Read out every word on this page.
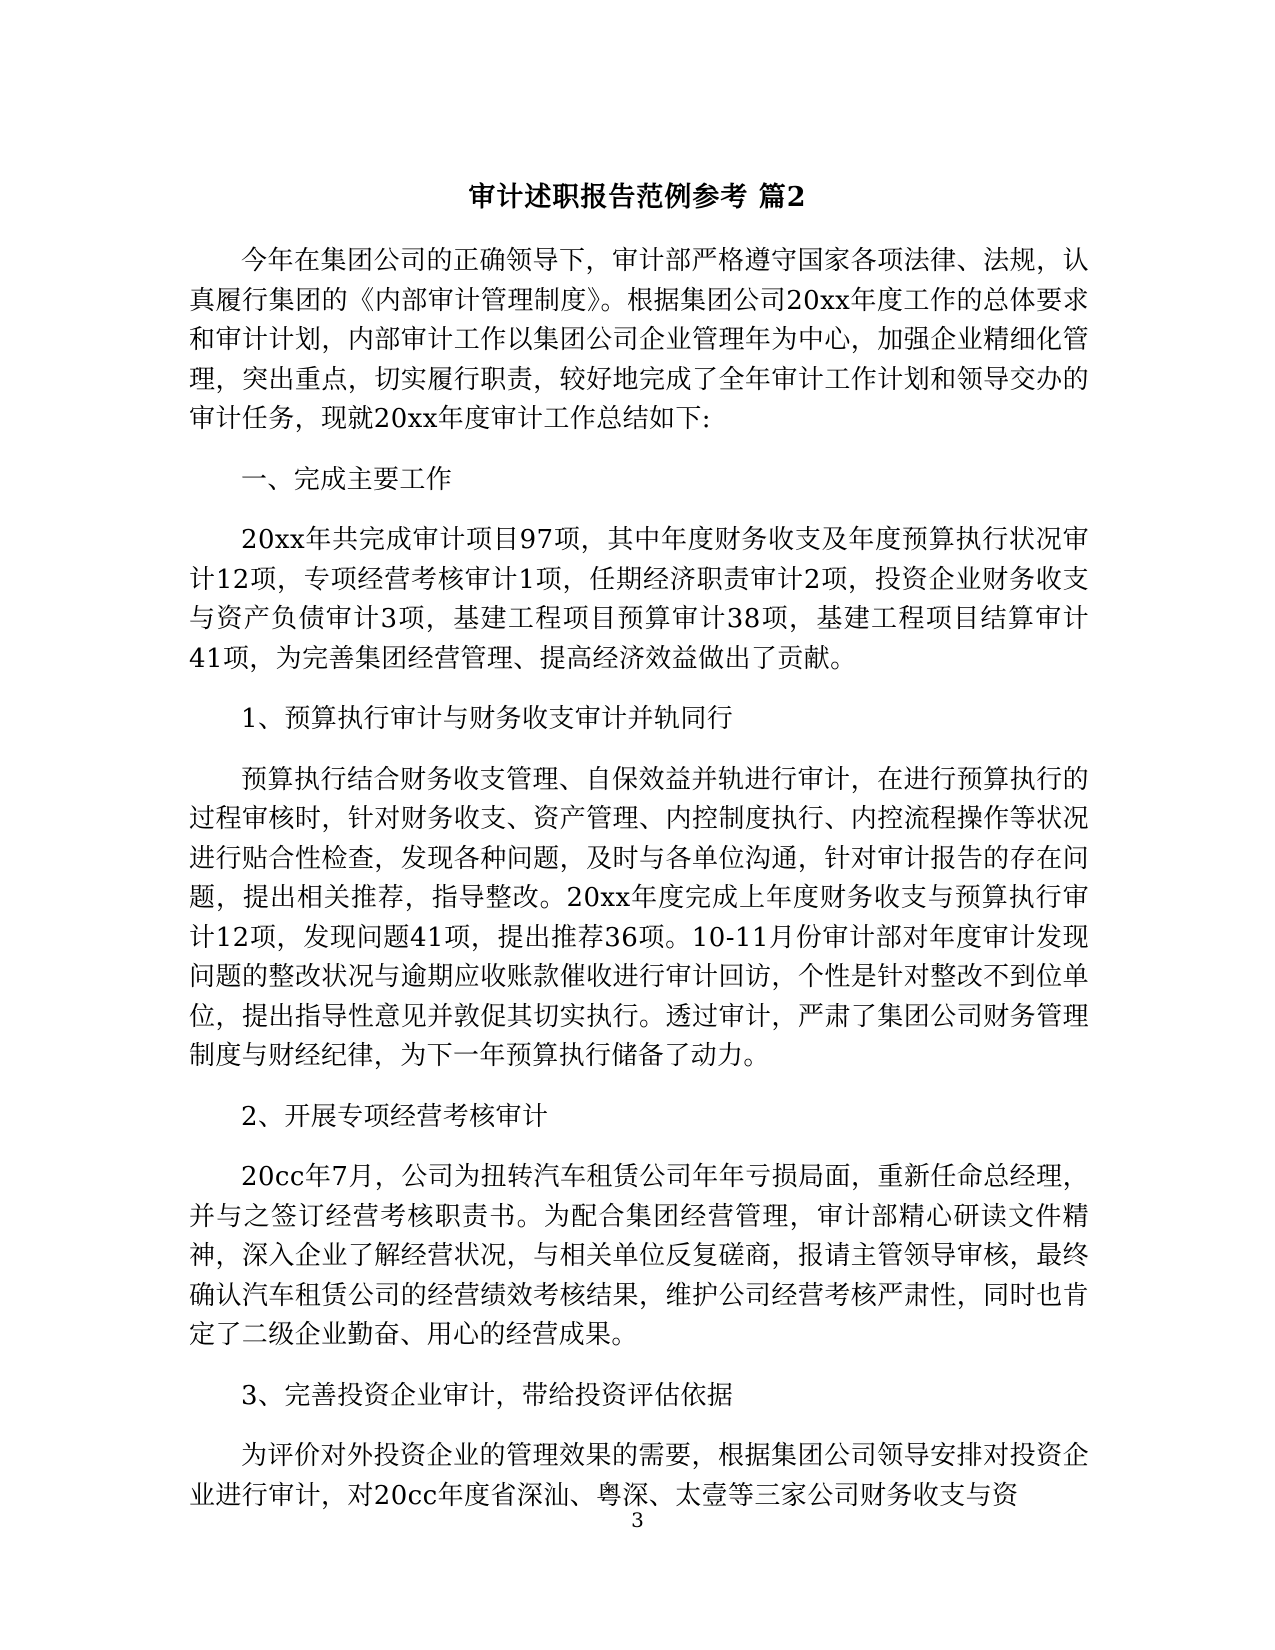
审计述职报告范例参考 篇2

今年在集团公司的正确领导下，审计部严格遵守国家各项法律、法规，认真履行集团的《内部审计管理制度》。根据集团公司20xx年度工作的总体要求和审计计划，内部审计工作以集团公司企业管理年为中心，加强企业精细化管理，突出重点，切实履行职责，较好地完成了全年审计工作计划和领导交办的审计任务，现就20xx年度审计工作总结如下:

一、完成主要工作

20xx年共完成审计项目97项，其中年度财务收支及年度预算执行状况审计12项，专项经营考核审计1项，任期经济职责审计2项，投资企业财务收支与资产负债审计3项，基建工程项目预算审计38项，基建工程项目结算审计41项，为完善集团经营管理、提高经济效益做出了贡献。

1、预算执行审计与财务收支审计并轨同行

预算执行结合财务收支管理、自保效益并轨进行审计，在进行预算执行的过程审核时，针对财务收支、资产管理、内控制度执行、内控流程操作等状况进行贴合性检查，发现各种问题，及时与各单位沟通，针对审计报告的存在问题，提出相关推荐，指导整改。20xx年度完成上年度财务收支与预算执行审计12项，发现问题41项，提出推荐36项。10-11月份审计部对年度审计发现问题的整改状况与逾期应收账款催收进行审计回访，个性是针对整改不到位单位，提出指导性意见并敦促其切实执行。透过审计，严肃了集团公司财务管理制度与财经纪律，为下一年预算执行储备了动力。

2、开展专项经营考核审计

20cc年7月，公司为扭转汽车租赁公司年年亏损局面，重新任命总经理，并与之签订经营考核职责书。为配合集团经营管理，审计部精心研读文件精神，深入企业了解经营状况，与相关单位反复磋商，报请主管领导审核，最终确认汽车租赁公司的经营绩效考核结果，维护公司经营考核严肃性，同时也肯定了二级企业勤奋、用心的经营成果。

3、完善投资企业审计，带给投资评估依据

为评价对外投资企业的管理效果的需要，根据集团公司领导安排对投资企业进行审计，对20cc年度省深汕、粤深、太壹等三家公司财务收支与资

3
